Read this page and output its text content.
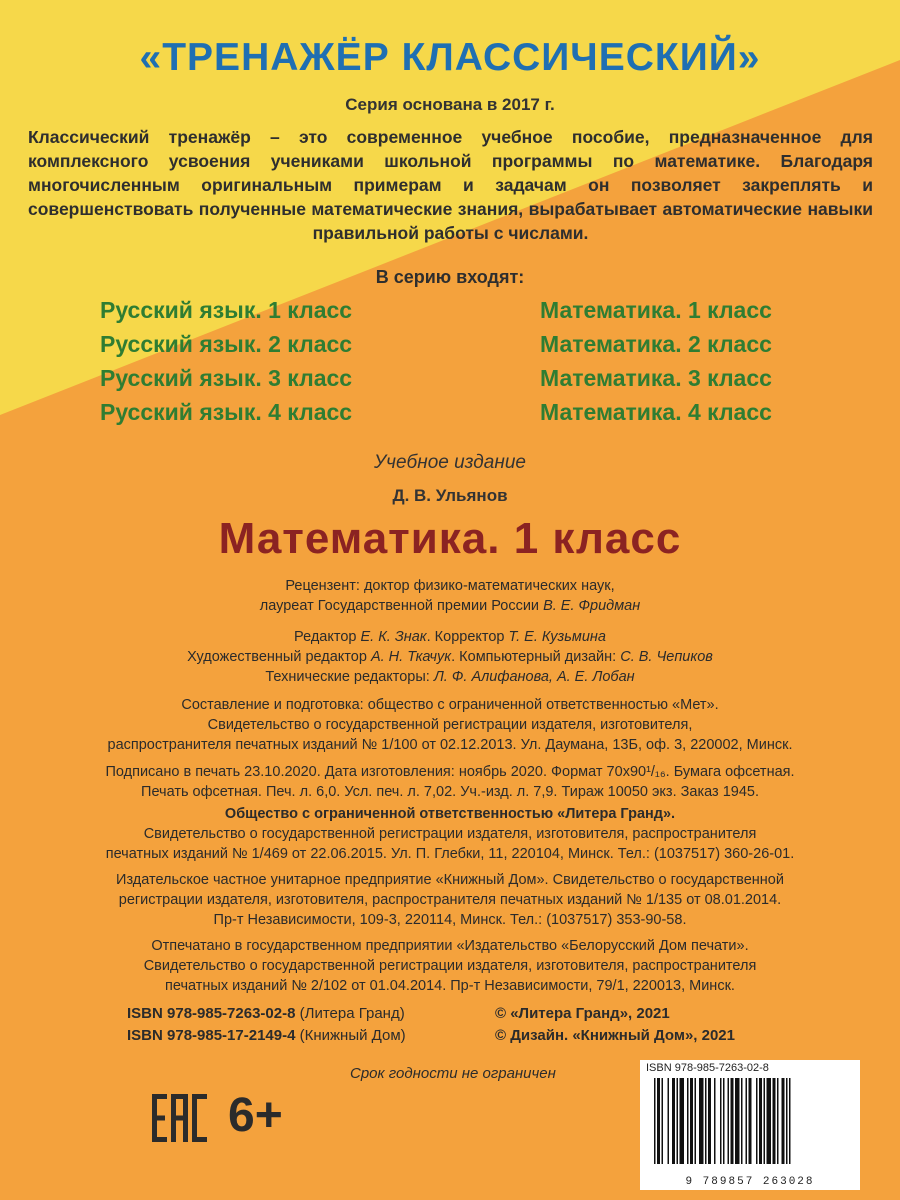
«ТРЕНАЖЁР КЛАССИЧЕСКИЙ»
Серия основана в 2017 г.
Классический тренажёр – это современное учебное пособие, предназначенное для комплексного усвоения учениками школьной программы по математике. Благодаря многочисленным оригинальным примерам и задачам он позволяет закреплять и совершенствовать полученные математические знания, вырабатывает автоматические навыки правильной работы с числами.
В серию входят:
Русский язык. 1 класс
Русский язык. 2 класс
Русский язык. 3 класс
Русский язык. 4 класс
Математика. 1 класс
Математика. 2 класс
Математика. 3 класс
Математика. 4 класс
Учебное издание
Д. В. Ульянов
Математика. 1 класс
Рецензент: доктор физико-математических наук,
лауреат Государственной премии России В. Е. Фридман
Редактор Е. К. Знак. Корректор Т. Е. Кузьмина
Художественный редактор А. Н. Ткачук. Компьютерный дизайн: С. В. Чепиков
Технические редакторы: Л. Ф. Алифанова, А. Е. Лобан
Составление и подготовка: общество с ограниченной ответственностью «Мет».
Свидетельство о государственной регистрации издателя, изготовителя,
распространителя печатных изданий № 1/100 от 02.12.2013. Ул. Даумана, 13Б, оф. 3, 220002, Минск.
Подписано в печать 23.10.2020. Дата изготовления: ноябрь 2020. Формат 70х90¹/₁₆. Бумага офсетная.
Печать офсетная. Печ. л. 6,0. Усл. печ. л. 7,02. Уч.-изд. л. 7,9. Тираж 10050 экз. Заказ 1945.
Общество с ограниченной ответственностью «Литера Гранд».
Свидетельство о государственной регистрации издателя, изготовителя, распространителя
печатных изданий № 1/469 от 22.06.2015. Ул. П. Глебки, 11, 220104, Минск. Тел.: (1037517) 360-26-01.
Издательское частное унитарное предприятие «Книжный Дом». Свидетельство о государственной
регистрации издателя, изготовителя, распространителя печатных изданий № 1/135 от 08.01.2014.
Пр-т Независимости, 109-3, 220114, Минск. Тел.: (1037517) 353-90-58.
Отпечатано в государственном предприятии «Издательство «Белорусский Дом печати».
Свидетельство о государственной регистрации издателя, изготовителя, распространителя
печатных изданий № 2/102 от 01.04.2014. Пр-т Независимости, 79/1, 220013, Минск.
ISBN 978-985-7263-02-8 (Литера Гранд)
ISBN 978-985-17-2149-4 (Книжный Дом)
© «Литера Гранд», 2021
© Дизайн. «Книжный Дом», 2021
Срок годности не ограничен
EAC 6+
ISBN 978-985-7263-02-8
9 789857 263028
